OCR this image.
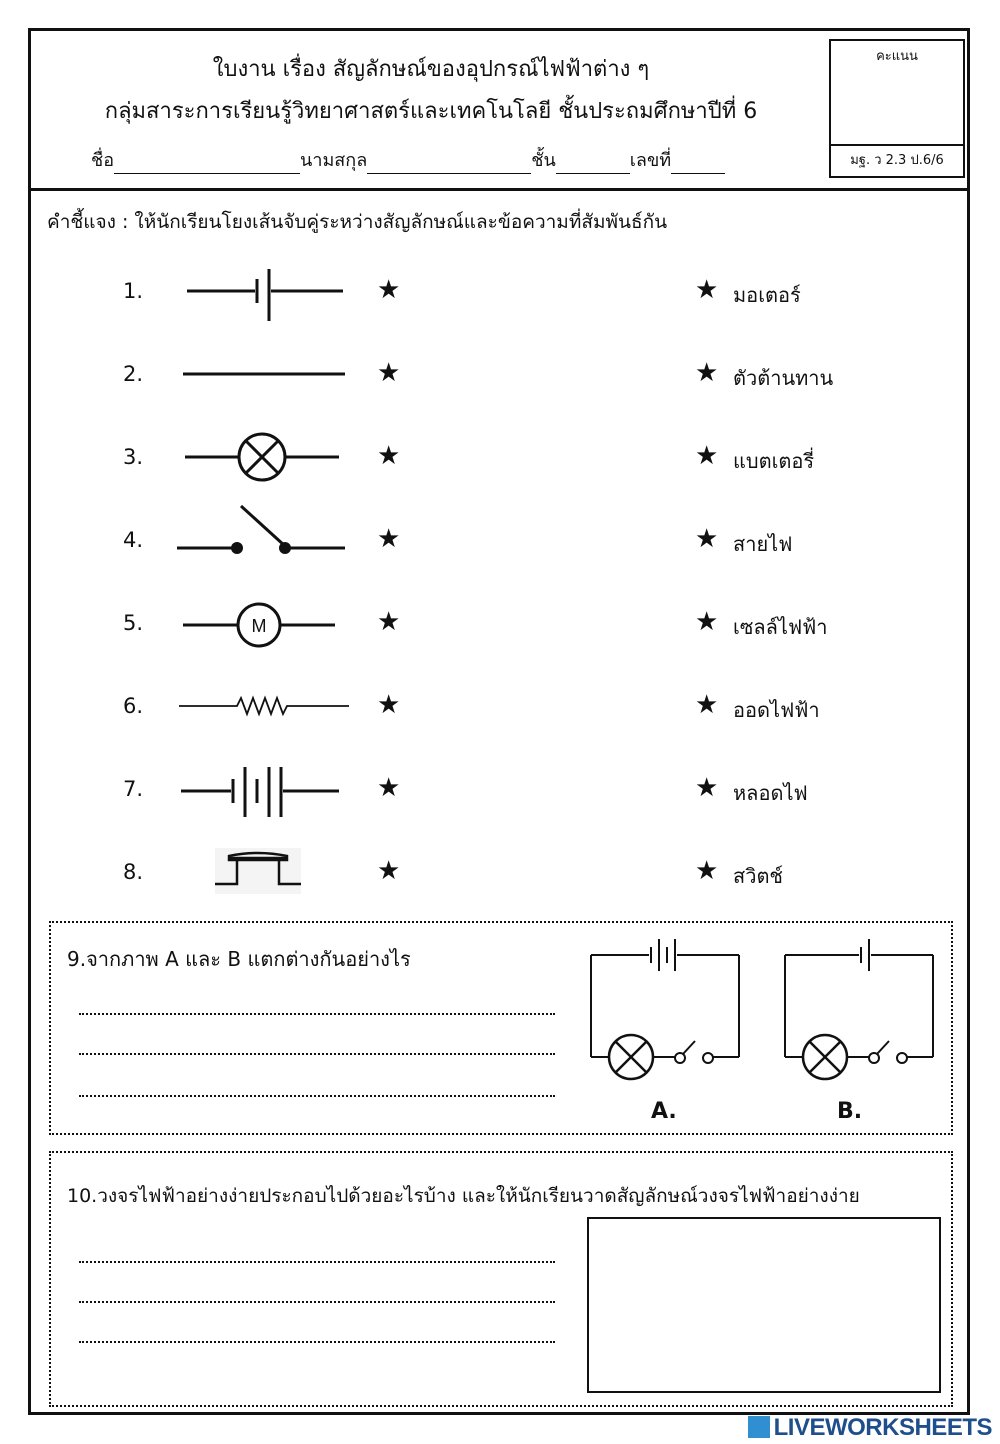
ใบงาน เรื่อง สัญลักษณ์ของอุปกรณ์ไฟฟ้าต่าง ๆ
กลุ่มสาระการเรียนรู้วิทยาศาสตร์และเทคโนโลยี ชั้นประถมศึกษาปีที่ 6
ชื่อ	นามสกุล	ชั้น	เลขที่
คะแนน
มฐ. ว 2.3 ป.6/6
คำชี้แจง : ให้นักเรียนโยงเส้นจับคู่ระหว่างสัญลักษณ์และข้อความที่สัมพันธ์กัน
1.	★	★ มอเตอร์
2.	★	★ ตัวต้านทาน
3.	★	★ แบตเตอรี่
4.	★	★ สายไฟ
5.	M	★	★ เซลล์ไฟฟ้า
6.	★	★ ออดไฟฟ้า
7.	★	★ หลอดไฟ
8.	★	★ สวิตช์
9.จากภาพ A และ B แตกต่างกันอย่างไร
A.	B.
10.วงจรไฟฟ้าอย่างง่ายประกอบไปด้วยอะไรบ้าง และให้นักเรียนวาดสัญลักษณ์วงจรไฟฟ้าอย่างง่าย
LIVEWORKSHEETS
